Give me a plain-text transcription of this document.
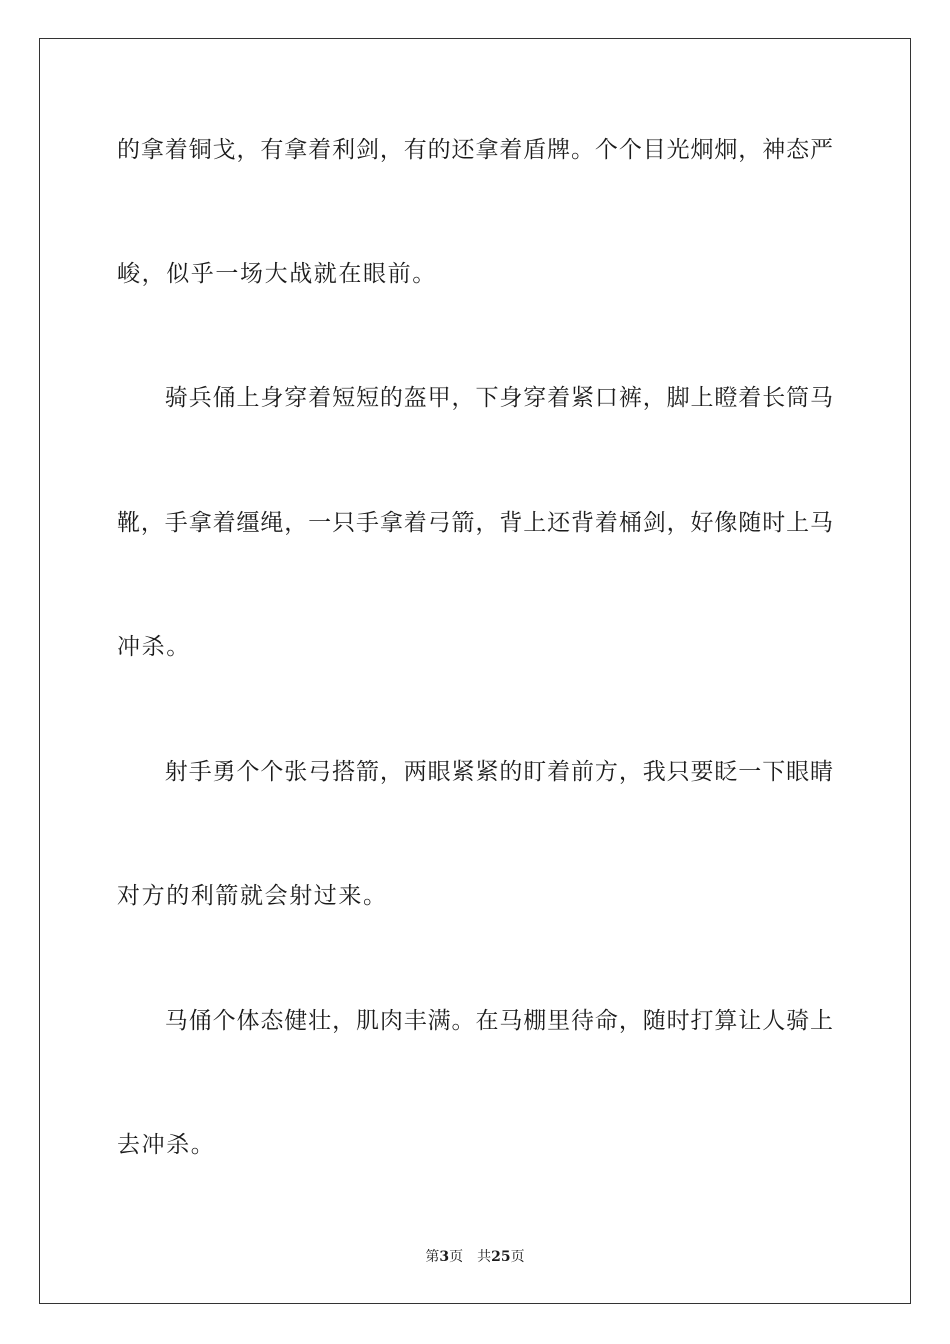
的拿着铜戈，有拿着利剑，有的还拿着盾牌。个个目光炯炯，神态严
峻，似乎一场大战就在眼前。
　　骑兵俑上身穿着短短的盔甲，下身穿着紧口裤，脚上瞪着长筒马
靴，手拿着缰绳，一只手拿着弓箭，背上还背着桶剑，好像随时上马
冲杀。
　　射手勇个个张弓搭箭，两眼紧紧的盯着前方，我只要眨一下眼睛
对方的利箭就会射过来。
　　马俑个体态健壮，肌肉丰满。在马棚里待命，随时打算让人骑上
去冲杀。
第3页 共25页
